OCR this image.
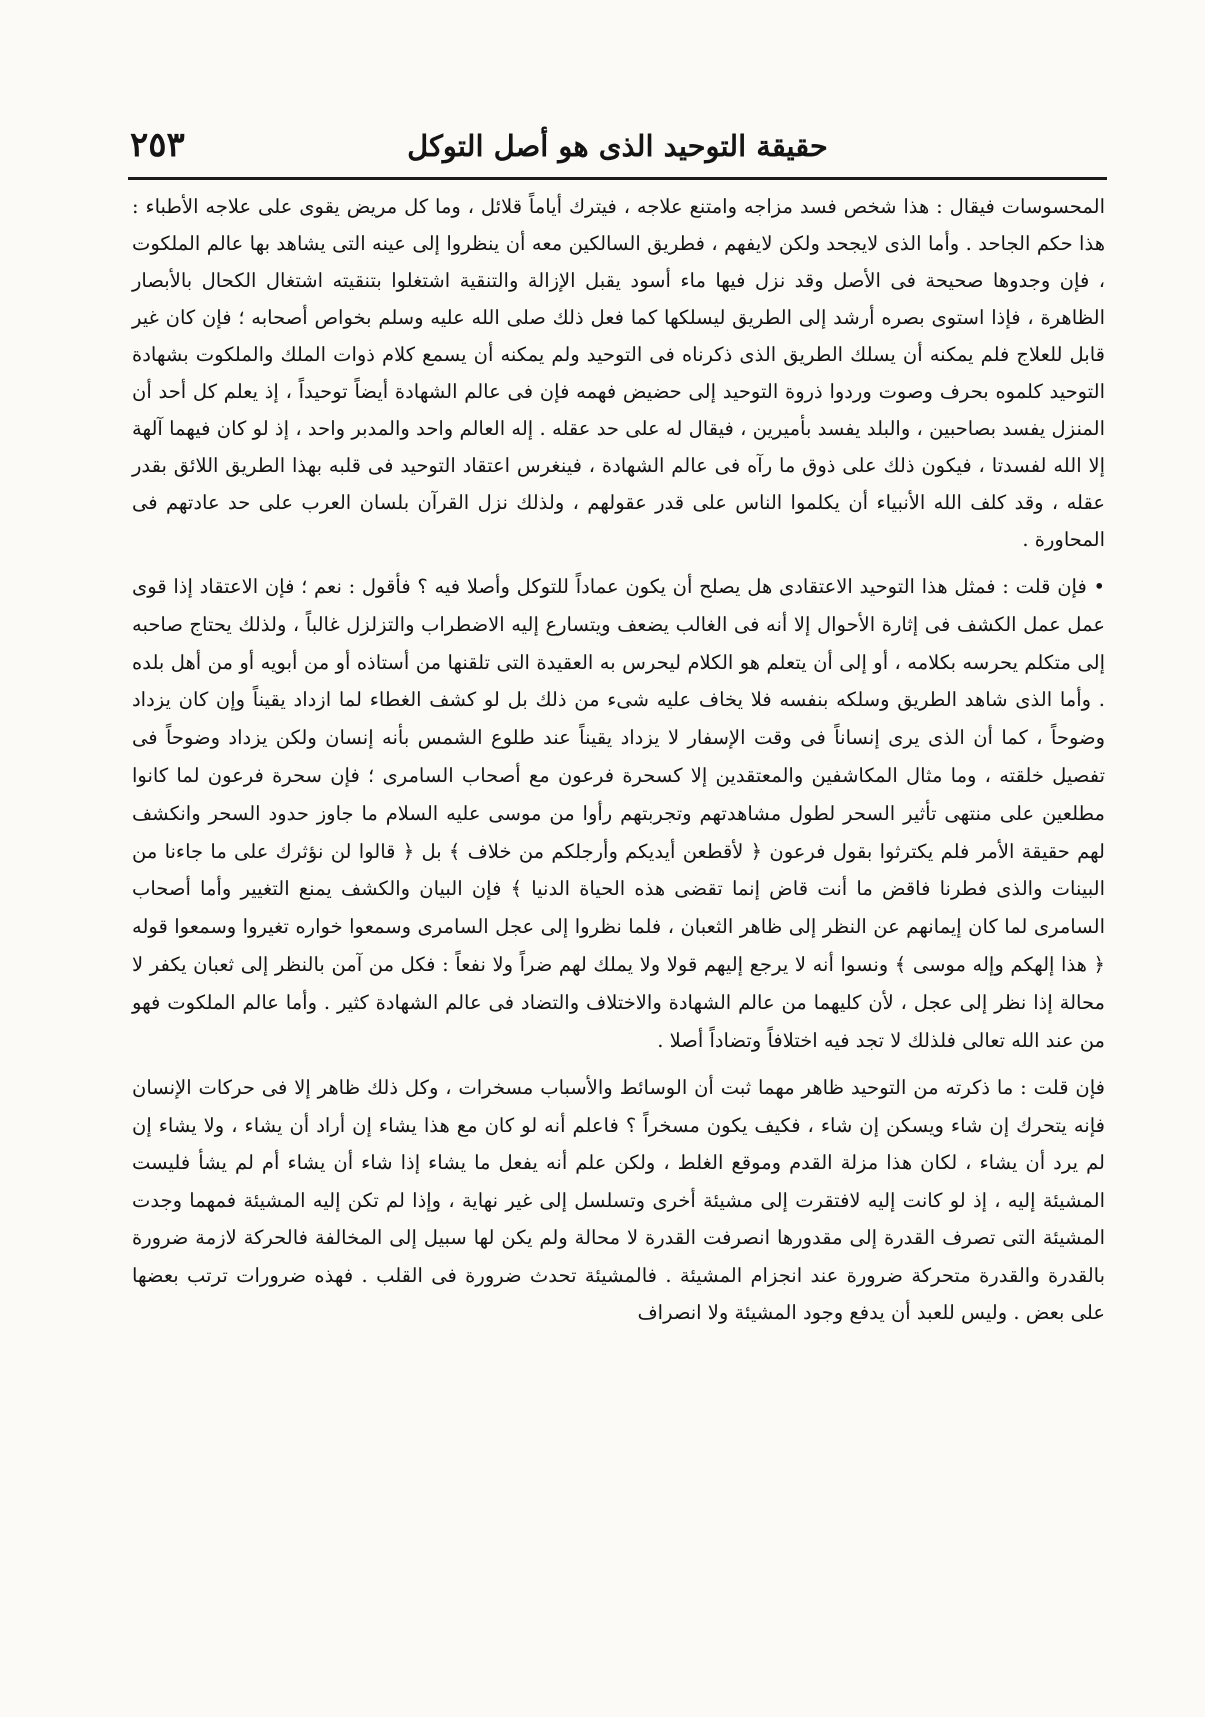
٢٥٣	حقيقة التوحيد الذى هو أصل التوكل

المحسوسات فيقال : هذا شخص فسد مزاجه وامتنع علاجه ، فيترك أياماً قلائل ، وما كل مريض يقوى على علاجه الأطباء : هذا حكم الجاحد . وأما الذى لايجحد ولكن لايفهم ، فطريق السالكين معه أن ينظروا إلى عينه التى يشاهد بها عالم الملكوت ، فإن وجدوها صحيحة فى الأصل وقد نزل فيها ماء أسود يقبل الإزالة والتنقية اشتغلوا بتنقيته اشتغال الكحال بالأبصار الظاهرة ، فإذا استوى بصره أرشد إلى الطريق ليسلكها كما فعل ذلك صلى الله عليه وسلم بخواص أصحابه ؛ فإن كان غير قابل للعلاج فلم يمكنه أن يسلك الطريق الذى ذكرناه فى التوحيد ولم يمكنه أن يسمع كلام ذوات الملك والملكوت بشهادة التوحيد كلموه بحرف وصوت وردوا ذروة التوحيد إلى حضيض فهمه فإن فى عالم الشهادة أيضاً توحيداً ، إذ يعلم كل أحد أن المنزل يفسد بصاحبين ، والبلد يفسد بأميرين ، فيقال له على حد عقله . إله العالم واحد والمدبر واحد ، إذ لو كان فيهما آلهة إلا الله لفسدتا ، فيكون ذلك على ذوق ما رآه فى عالم الشهادة ، فينغرس اعتقاد التوحيد فى قلبه بهذا الطريق اللائق بقدر عقله ، وقد كلف الله الأنبياء أن يكلموا الناس على قدر عقولهم ، ولذلك نزل القرآن بلسان العرب على حد عادتهم فى المحاورة .

• فإن قلت : فمثل هذا التوحيد الاعتقادى هل يصلح أن يكون عماداً للتوكل وأصلا فيه ؟ فأقول : نعم ؛ فإن الاعتقاد إذا قوى عمل عمل الكشف فى إثارة الأحوال إلا أنه فى الغالب يضعف ويتسارع إليه الاضطراب والتزلزل غالباً ، ولذلك يحتاج صاحبه إلى متكلم يحرسه بكلامه ، أو إلى أن يتعلم هو الكلام ليحرس به العقيدة التى تلقنها من أستاذه أو من أبويه أو من أهل بلده . وأما الذى شاهد الطريق وسلكه بنفسه فلا يخاف عليه شىء من ذلك بل لو كشف الغطاء لما ازداد يقيناً وإن كان يزداد وضوحاً ، كما أن الذى يرى إنساناً فى وقت الإسفار لا يزداد يقيناً عند طلوع الشمس بأنه إنسان ولكن يزداد وضوحاً فى تفصيل خلقته ، وما مثال المكاشفين والمعتقدين إلا كسحرة فرعون مع أصحاب السامرى ؛ فإن سحرة فرعون لما كانوا مطلعين على منتهى تأثير السحر لطول مشاهدتهم وتجربتهم رأوا من موسى عليه السلام ما جاوز حدود السحر وانكشف لهم حقيقة الأمر فلم يكترثوا بقول فرعون ﴿ لأقطعن أيديكم وأرجلكم من خلاف ﴾ بل ﴿ قالوا لن نؤثرك على ما جاءنا من البينات والذى فطرنا فاقض ما أنت قاض إنما تقضى هذه الحياة الدنيا ﴾ فإن البيان والكشف يمنع التغيير وأما أصحاب السامرى لما كان إيمانهم عن النظر إلى ظاهر الثعبان ، فلما نظروا إلى عجل السامرى وسمعوا خواره تغيروا وسمعوا قوله ﴿ هذا إلهكم وإله موسى ﴾ ونسوا أنه لا يرجع إليهم قولا ولا يملك لهم ضراً ولا نفعاً : فكل من آمن بالنظر إلى ثعبان يكفر لا محالة إذا نظر إلى عجل ، لأن كليهما من عالم الشهادة والاختلاف والتضاد فى عالم الشهادة كثير . وأما عالم الملكوت فهو من عند الله تعالى فلذلك لا تجد فيه اختلافاً وتضاداً أصلا .

فإن قلت : ما ذكرته من التوحيد ظاهر مهما ثبت أن الوسائط والأسباب مسخرات ، وكل ذلك ظاهر إلا فى حركات الإنسان فإنه يتحرك إن شاء ويسكن إن شاء ، فكيف يكون مسخراً ؟ فاعلم أنه لو كان مع هذا يشاء إن أراد أن يشاء ، ولا يشاء إن لم يرد أن يشاء ، لكان هذا مزلة القدم وموقع الغلط ، ولكن علم أنه يفعل ما يشاء إذا شاء أن يشاء أم لم يشأ فليست المشيئة إليه ، إذ لو كانت إليه لافتقرت إلى مشيئة أخرى وتسلسل إلى غير نهاية ، وإذا لم تكن إليه المشيئة فمهما وجدت المشيئة التى تصرف القدرة إلى مقدورها انصرفت القدرة لا محالة ولم يكن لها سبيل إلى المخالفة فالحركة لازمة ضرورة بالقدرة والقدرة متحركة ضرورة عند انجزام المشيئة . فالمشيئة تحدث ضرورة فى القلب . فهذه ضرورات ترتب بعضها على بعض . وليس للعبد أن يدفع وجود المشيئة ولا انصراف
